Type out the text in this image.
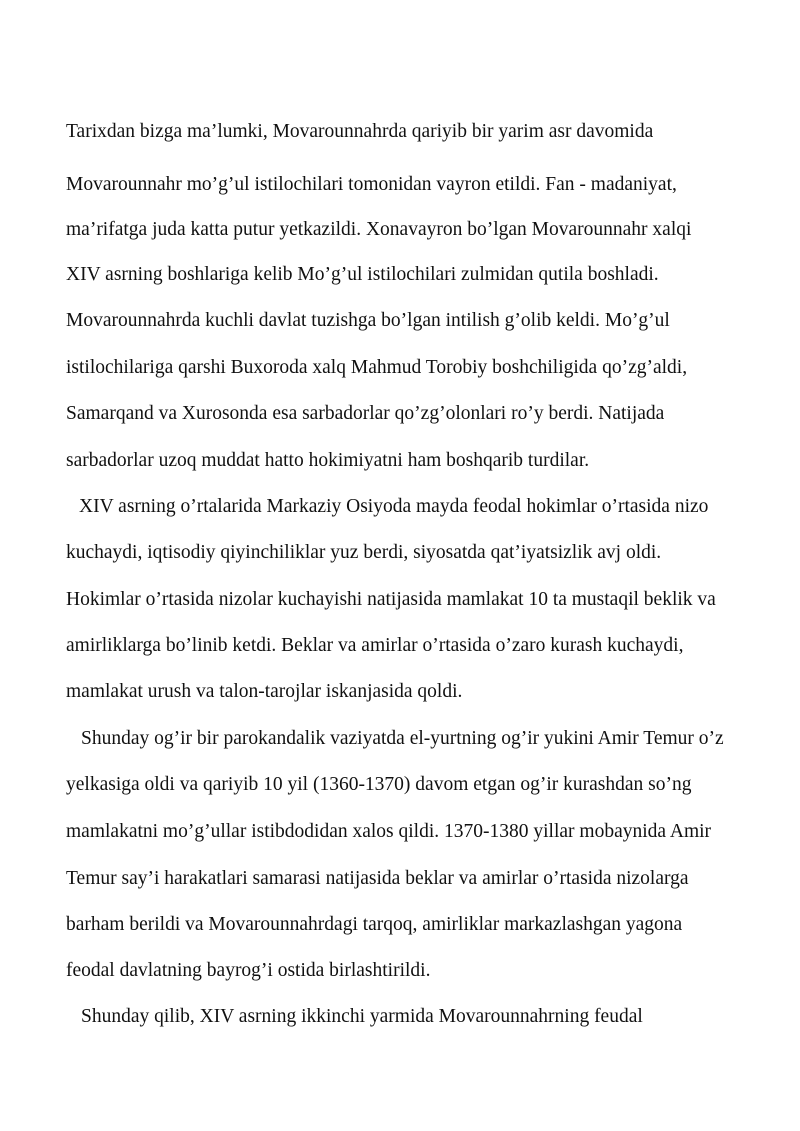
Tarixdan bizga ma’lumki, Movarounnahrda qariyib bir yarim asr davomida
Movarounnahr mo’g’ul istilochilari tomonidan vayron etildi. Fan - madaniyat,
ma’rifatga juda katta putur yetkazildi. Xonavayron bo’lgan Movarounnahr xalqi
XIV asrning boshlariga kelib Mo’g’ul istilochilari zulmidan qutila boshladi.
Movarounnahrda kuchli davlat tuzishga bo’lgan intilish g’olib keldi. Mo’g’ul
istilochilariga qarshi Buxoroda xalq Mahmud Torobiy boshchiligida qo’zg’aldi,
Samarqand va Xurosonda esa sarbadorlar qo’zg’olonlari ro’y berdi. Natijada
sarbadorlar uzoq muddat hatto hokimiyatni ham boshqarib turdilar.
XIV asrning o’rtalarida Markaziy Osiyoda mayda feodal hokimlar o’rtasida nizo
kuchaydi, iqtisodiy qiyinchiliklar yuz berdi, siyosatda qat’iyatsizlik avj oldi.
Hokimlar o’rtasida nizolar kuchayishi natijasida mamlakat 10 ta mustaqil beklik va
amirliklarga bo’linib ketdi. Beklar va amirlar o’rtasida o’zaro kurash kuchaydi,
mamlakat urush va talon-tarojlar iskanjasida qoldi.
Shunday og’ir bir parokandalik vaziyatda el-yurtning og’ir yukini Amir Temur o’z
yelkasiga oldi va qariyib 10 yil (1360-1370) davom etgan og’ir kurashdan so’ng
mamlakatni mo’g’ullar istibdodidan xalos qildi. 1370-1380 yillar mobaynida Amir
Temur say’i harakatlari samarasi natijasida beklar va amirlar o’rtasida nizolarga
barham berildi va Movarounnahrdagi tarqoq, amirliklar markazlashgan yagona
feodal davlatning bayrog’i ostida birlashtirildi.
Shunday qilib, XIV asrning ikkinchi yarmida Movarounnahrning feudal
